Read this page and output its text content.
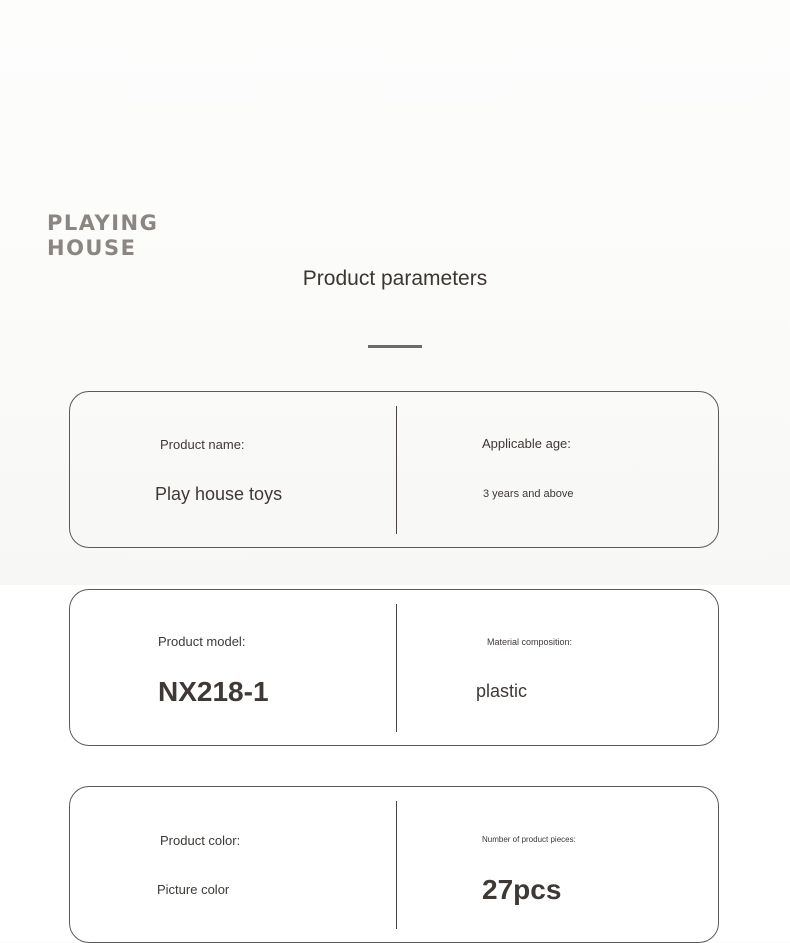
PLAYING
HOUSE
Product parameters
Product name:
Play house toys
Applicable age:
3 years and above
Product model:
NX218-1
Material composition:
plastic
Product color:
Picture color
Number of product pieces:
27pcs
